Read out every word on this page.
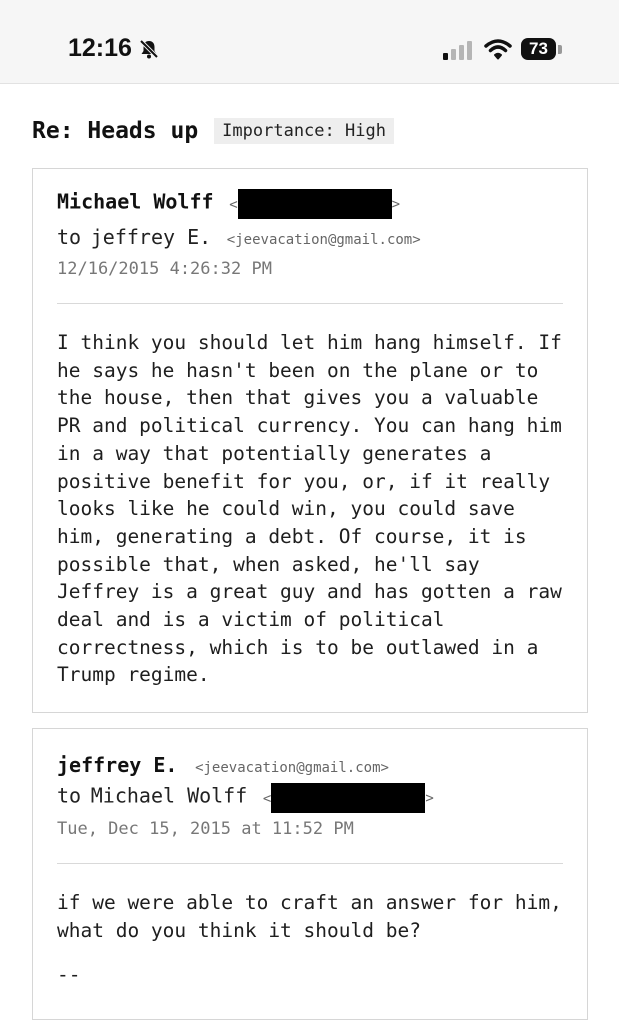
12:16	73
Re: Heads up	Importance: High
Michael Wolff <	>
to jeffrey E. <jeevacation@gmail.com>
12/16/2015 4:26:32 PM
I think you should let him hang himself. If he says he hasn't been on the plane or to the house, then that gives you a valuable PR and political currency. You can hang him in a way that potentially generates a positive benefit for you, or, if it really looks like he could win, you could save him, generating a debt. Of course, it is possible that, when asked, he'll say Jeffrey is a great guy and has gotten a raw deal and is a victim of political correctness, which is to be outlawed in a Trump regime.
jeffrey E. <jeevacation@gmail.com>
to Michael Wolff <	>
Tue, Dec 15, 2015 at 11:52 PM
if we were able to craft an answer for him, what do you think it should be?
--
